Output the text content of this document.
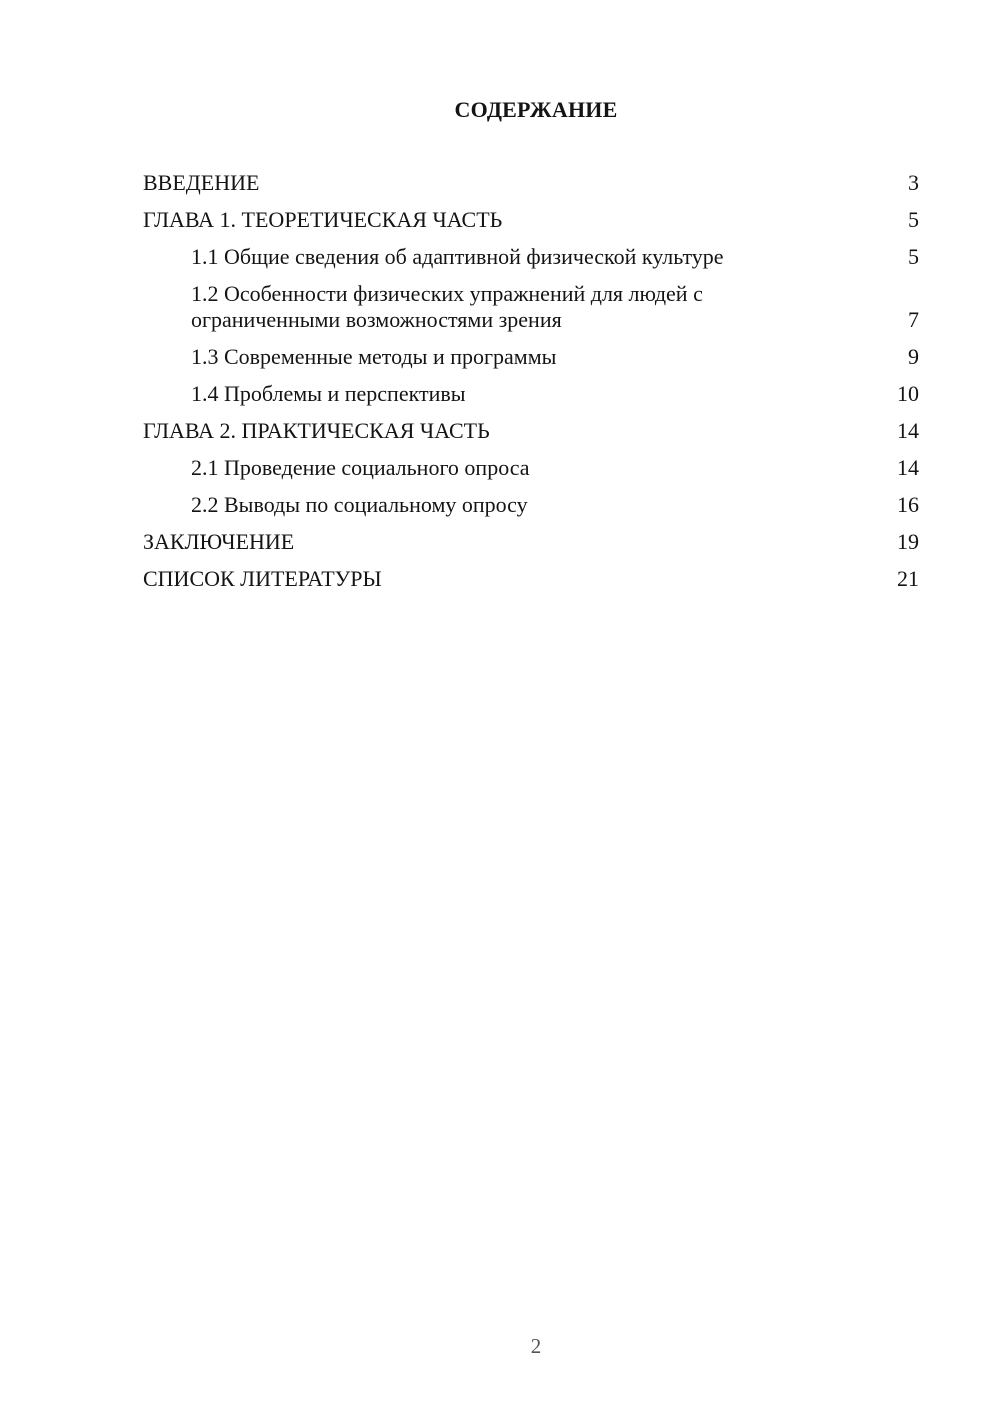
СОДЕРЖАНИЕ
ВВЕДЕНИЕ	3
ГЛАВА 1. ТЕОРЕТИЧЕСКАЯ ЧАСТЬ	5
1.1 Общие сведения об адаптивной физической культуре	5
1.2 Особенности физических упражнений для людей с ограниченными возможностями зрения	7
1.3 Современные методы и программы	9
1.4 Проблемы и перспективы	10
ГЛАВА 2. ПРАКТИЧЕСКАЯ ЧАСТЬ	14
2.1 Проведение социального опроса	14
2.2 Выводы по социальному опросу	16
ЗАКЛЮЧЕНИЕ	19
СПИСОК ЛИТЕРАТУРЫ	21
2
